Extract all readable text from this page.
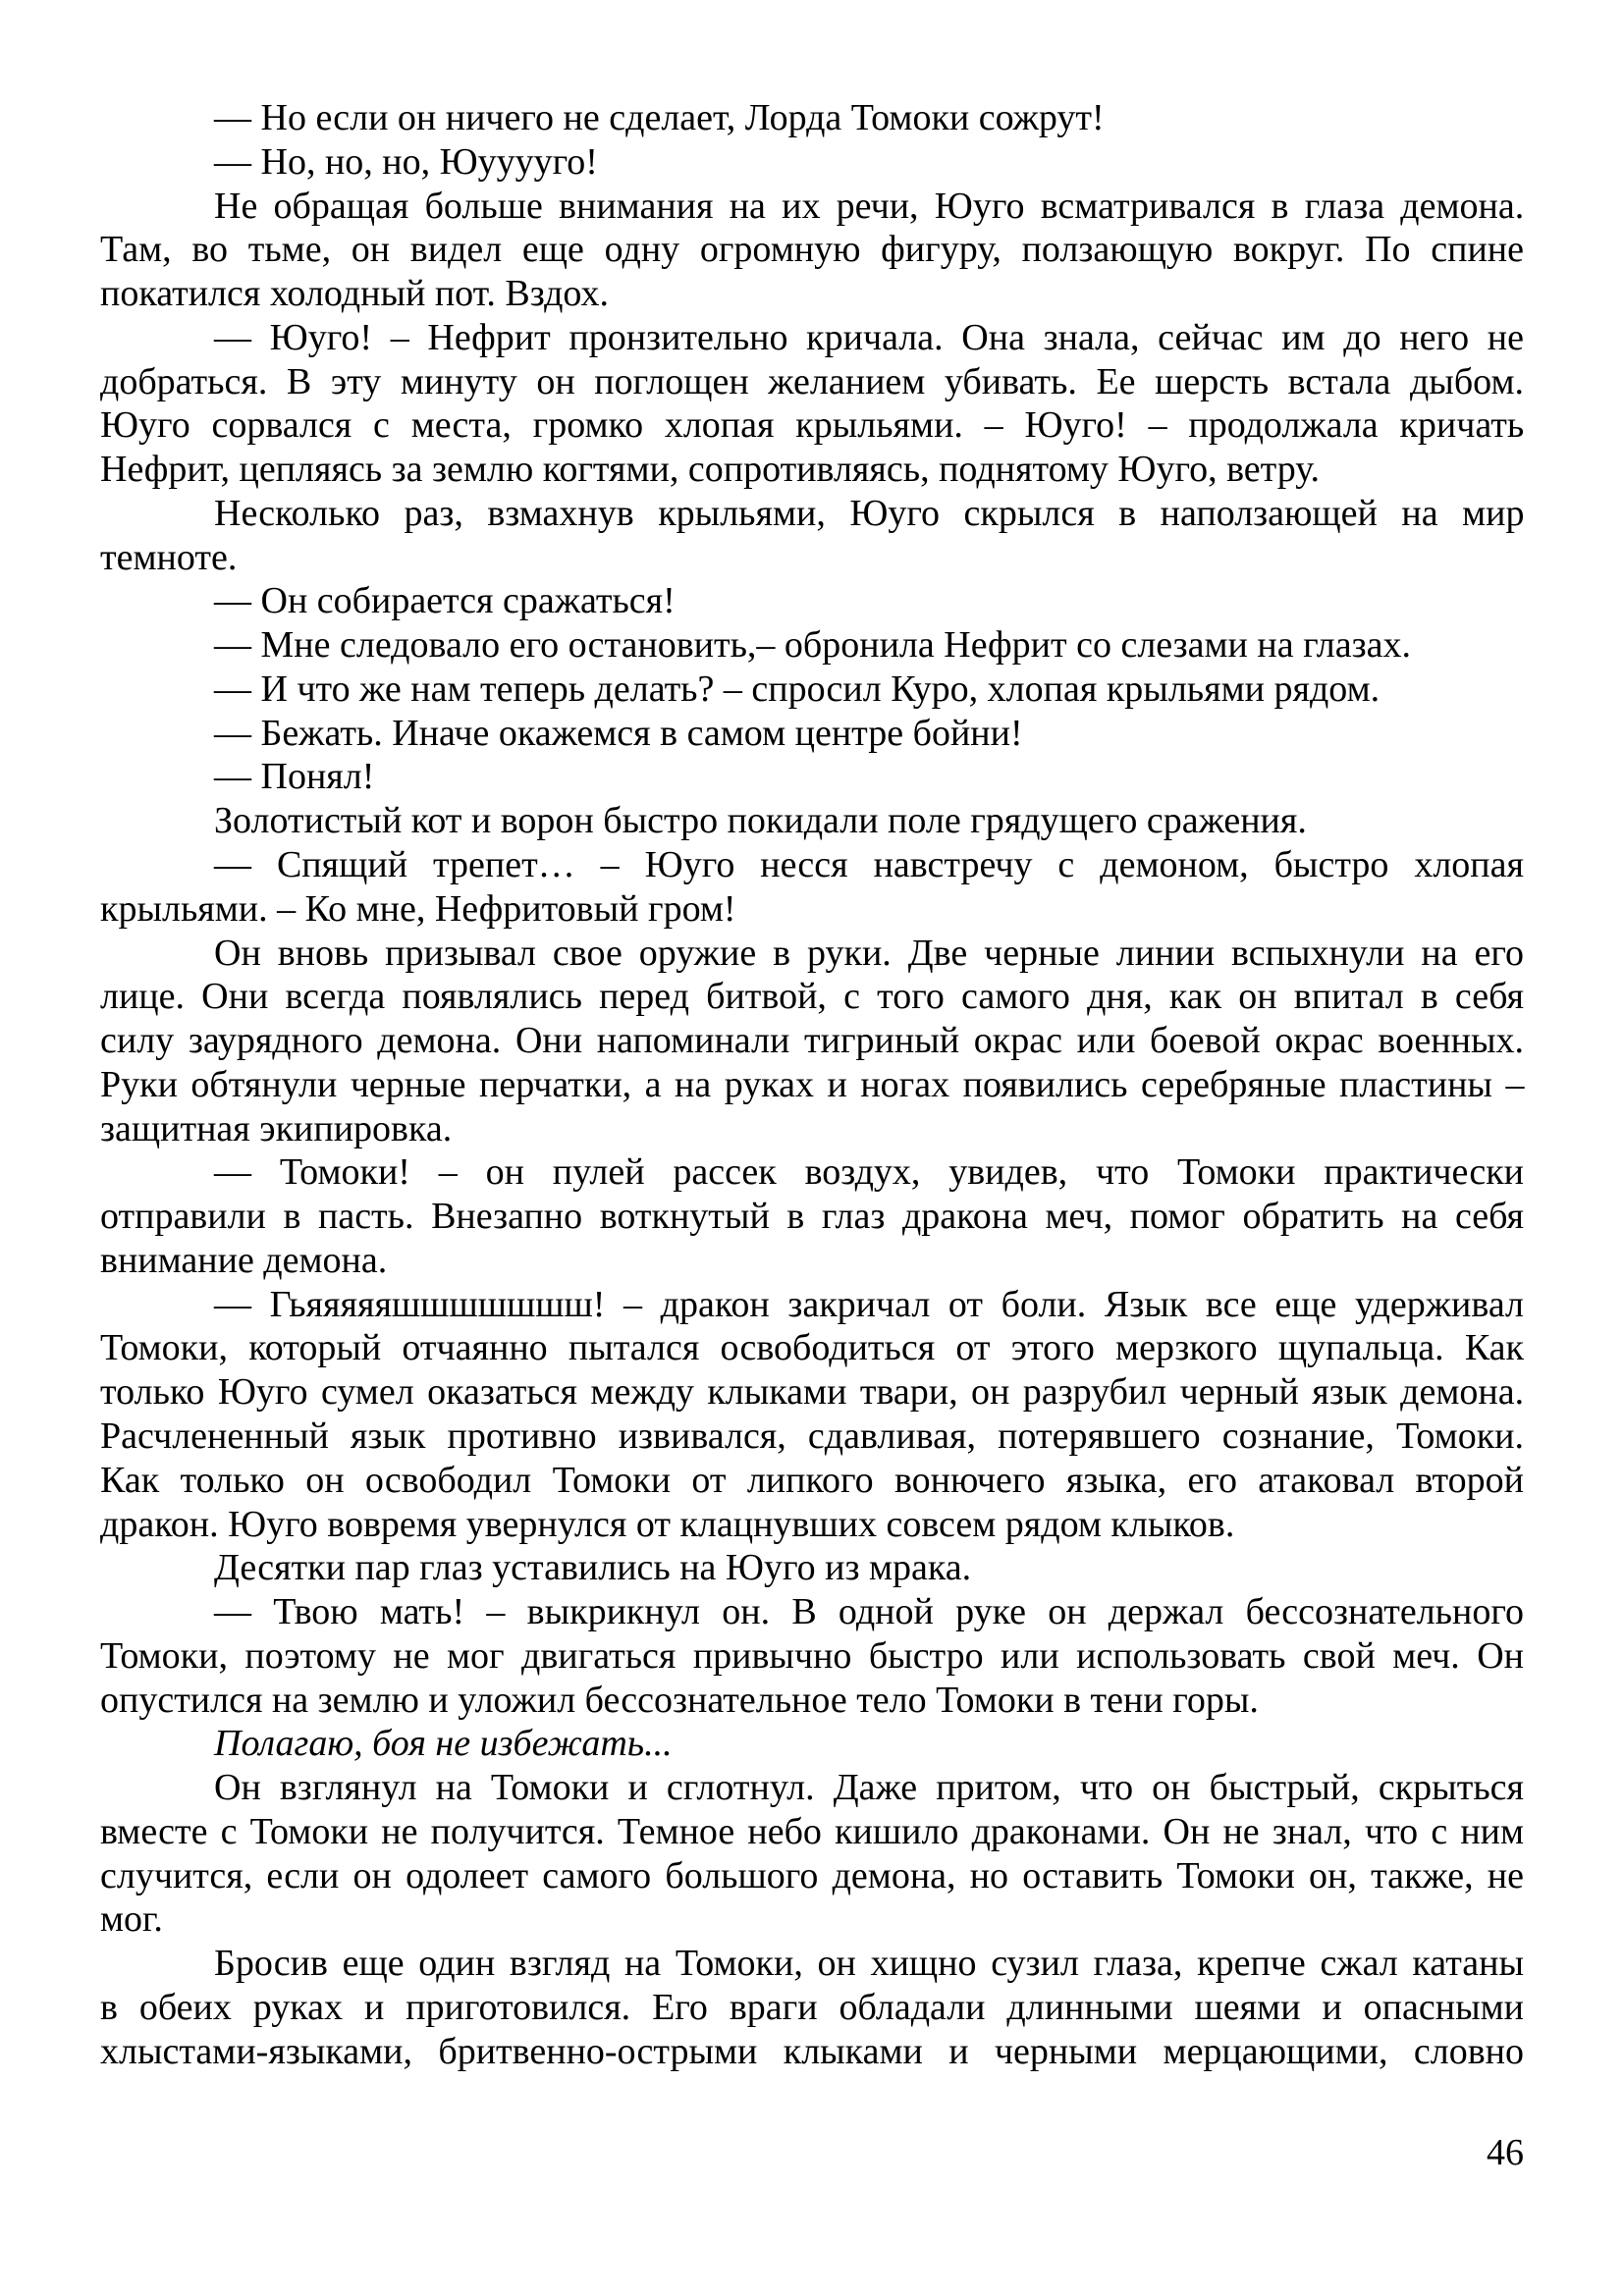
— Но если он ничего не сделает, Лорда Томоки сожрут!
— Но, но, но, Юууууго!
Не обращая больше внимания на их речи, Юуго всматривался в глаза демона.
Там, во тьме, он видел еще одну огромную фигуру, ползающую вокруг. По спине
покатился холодный пот. Вздох.
— Юуго! – Нефрит пронзительно кричала. Она знала, сейчас им до него не
добраться. В эту минуту он поглощен желанием убивать. Ее шерсть встала дыбом.
Юуго сорвался с места, громко хлопая крыльями. – Юуго! – продолжала кричать
Нефрит, цепляясь за землю когтями, сопротивляясь, поднятому Юуго, ветру.
Несколько раз, взмахнув крыльями, Юуго скрылся в наползающей на мир
темноте.
— Он собирается сражаться!
— Мне следовало его остановить,– обронила Нефрит со слезами на глазах.
— И что же нам теперь делать? – спросил Куро, хлопая крыльями рядом.
— Бежать. Иначе окажемся в самом центре бойни!
— Понял!
Золотистый кот и ворон быстро покидали поле грядущего сражения.
— Спящий трепет… – Юуго несся навстречу с демоном, быстро хлопая
крыльями. – Ко мне, Нефритовый гром!
Он вновь призывал свое оружие в руки. Две черные линии вспыхнули на его
лице. Они всегда появлялись перед битвой, с того самого дня, как он впитал в себя
силу заурядного демона. Они напоминали тигриный окрас или боевой окрас военных.
Руки обтянули черные перчатки, а на руках и ногах появились серебряные пластины –
защитная экипировка.
— Томоки! – он пулей рассек воздух, увидев, что Томоки практически
отправили в пасть. Внезапно воткнутый в глаз дракона меч, помог обратить на себя
внимание демона.
— Гьяяяяяшшшшшшш! – дракон закричал от боли. Язык все еще удерживал
Томоки, который отчаянно пытался освободиться от этого мерзкого щупальца. Как
только Юуго сумел оказаться между клыками твари, он разрубил черный язык демона.
Расчлененный язык противно извивался, сдавливая, потерявшего сознание, Томоки.
Как только он освободил Томоки от липкого вонючего языка, его атаковал второй
дракон. Юуго вовремя увернулся от клацнувших совсем рядом клыков.
Десятки пар глаз уставились на Юуго из мрака.
— Твою мать! – выкрикнул он. В одной руке он держал бессознательного
Томоки, поэтому не мог двигаться привычно быстро или использовать свой меч. Он
опустился на землю и уложил бессознательное тело Томоки в тени горы.
Полагаю, боя не избежать...
Он взглянул на Томоки и сглотнул. Даже притом, что он быстрый, скрыться
вместе с Томоки не получится. Темное небо кишило драконами. Он не знал, что с ним
случится, если он одолеет самого большого демона, но оставить Томоки он, также, не
мог.
Бросив еще один взгляд на Томоки, он хищно сузил глаза, крепче сжал катаны
в обеих руках и приготовился. Его враги обладали длинными шеями и опасными
хлыстами-языками, бритвенно-острыми клыками и черными мерцающими, словно
46
